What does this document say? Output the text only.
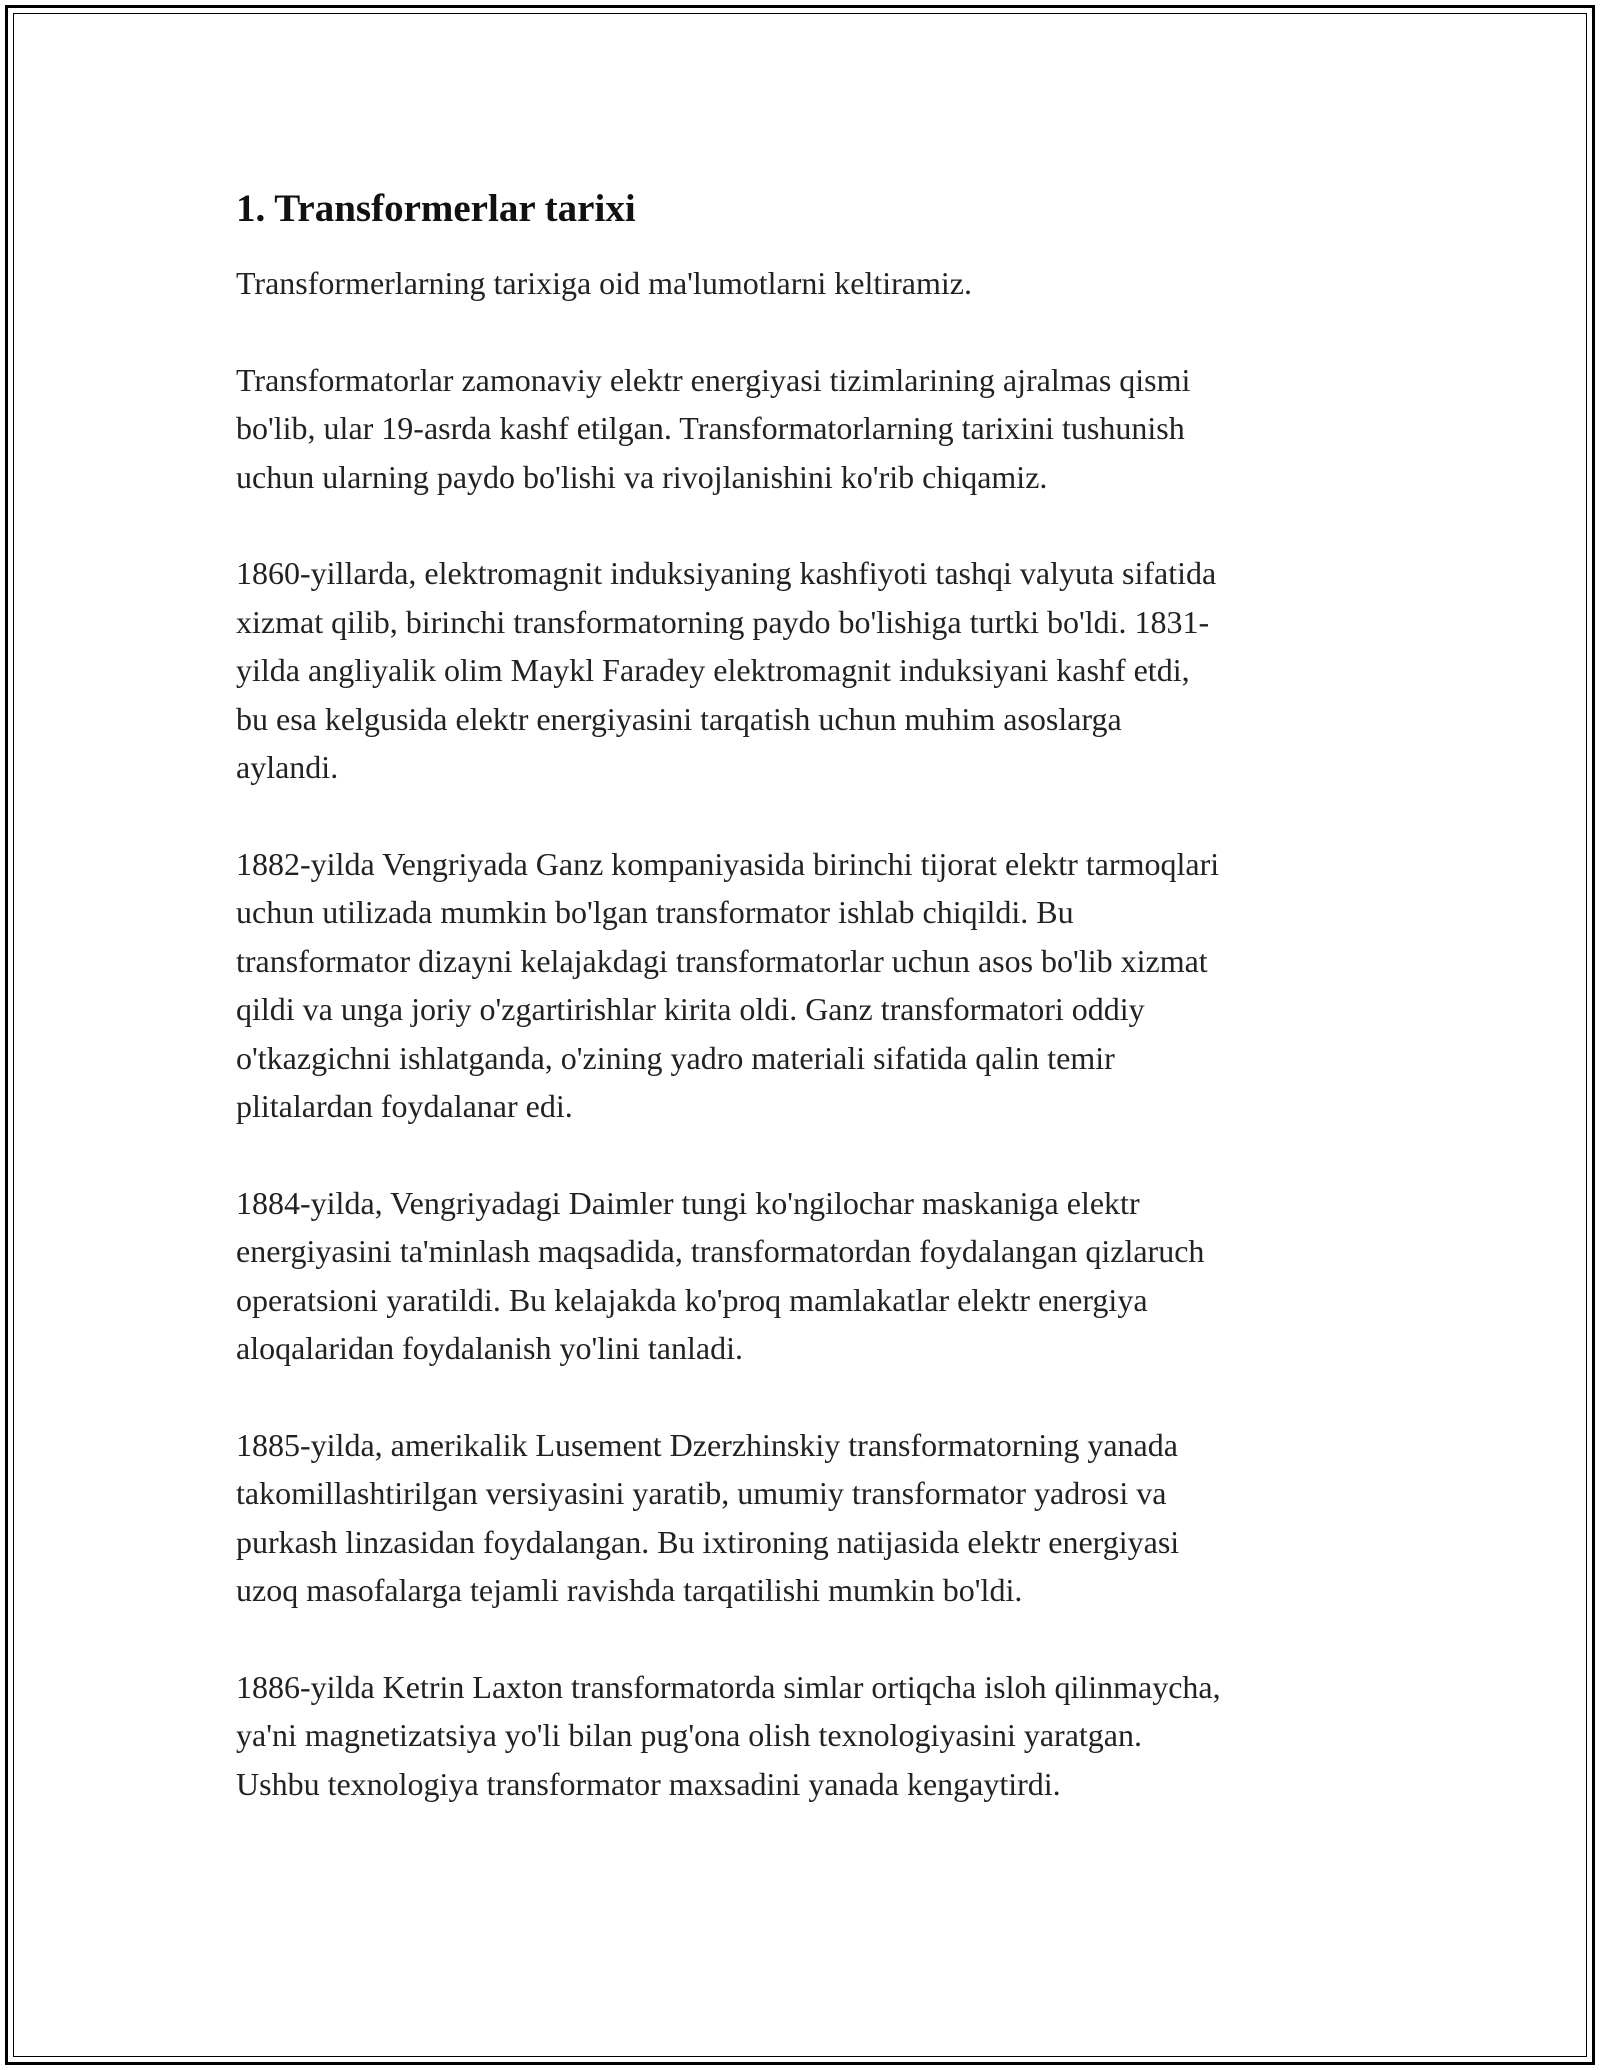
1. Transformerlar tarixi
Transformerlarning tarixiga oid ma'lumotlarni keltiramiz.
Transformatorlar zamonaviy elektr energiyasi tizimlarining ajralmas qismi
bo'lib, ular 19-asrda kashf etilgan. Transformatorlarning tarixini tushunish
uchun ularning paydo bo'lishi va rivojlanishini ko'rib chiqamiz.
1860-yillarda, elektromagnit induksiyaning kashfiyoti tashqi valyuta sifatida
xizmat qilib, birinchi transformatorning paydo bo'lishiga turtki bo'ldi. 1831-
yilda angliyalik olim Maykl Faradey elektromagnit induksiyani kashf etdi,
bu esa kelgusida elektr energiyasini tarqatish uchun muhim asoslarga
aylandi.
1882-yilda Vengriyada Ganz kompaniyasida birinchi tijorat elektr tarmoqlari
uchun utilizada mumkin bo'lgan transformator ishlab chiqildi. Bu
transformator dizayni kelajakdagi transformatorlar uchun asos bo'lib xizmat
qildi va unga joriy o'zgartirishlar kirita oldi. Ganz transformatori oddiy
o'tkazgichni ishlatganda, o'zining yadro materiali sifatida qalin temir
plitalardan foydalanar edi.
1884-yilda, Vengriyadagi Daimler tungi ko'ngilochar maskaniga elektr
energiyasini ta'minlash maqsadida, transformatordan foydalangan qizlaruch
operatsioni yaratildi. Bu kelajakda ko'proq mamlakatlar elektr energiya
aloqalaridan foydalanish yo'lini tanladi.
1885-yilda, amerikalik Lusement Dzerzhinskiy transformatorning yanada
takomillashtirilgan versiyasini yaratib, umumiy transformator yadrosi va
purkash linzasidan foydalangan. Bu ixtironing natijasida elektr energiyasi
uzoq masofalarga tejamli ravishda tarqatilishi mumkin bo'ldi.
1886-yilda Ketrin Laxton transformatorda simlar ortiqcha isloh qilinmaycha,
ya'ni magnetizatsiya yo'li bilan pug'ona olish texnologiyasini yaratgan.
Ushbu texnologiya transformator maxsadini yanada kengaytirdi.
